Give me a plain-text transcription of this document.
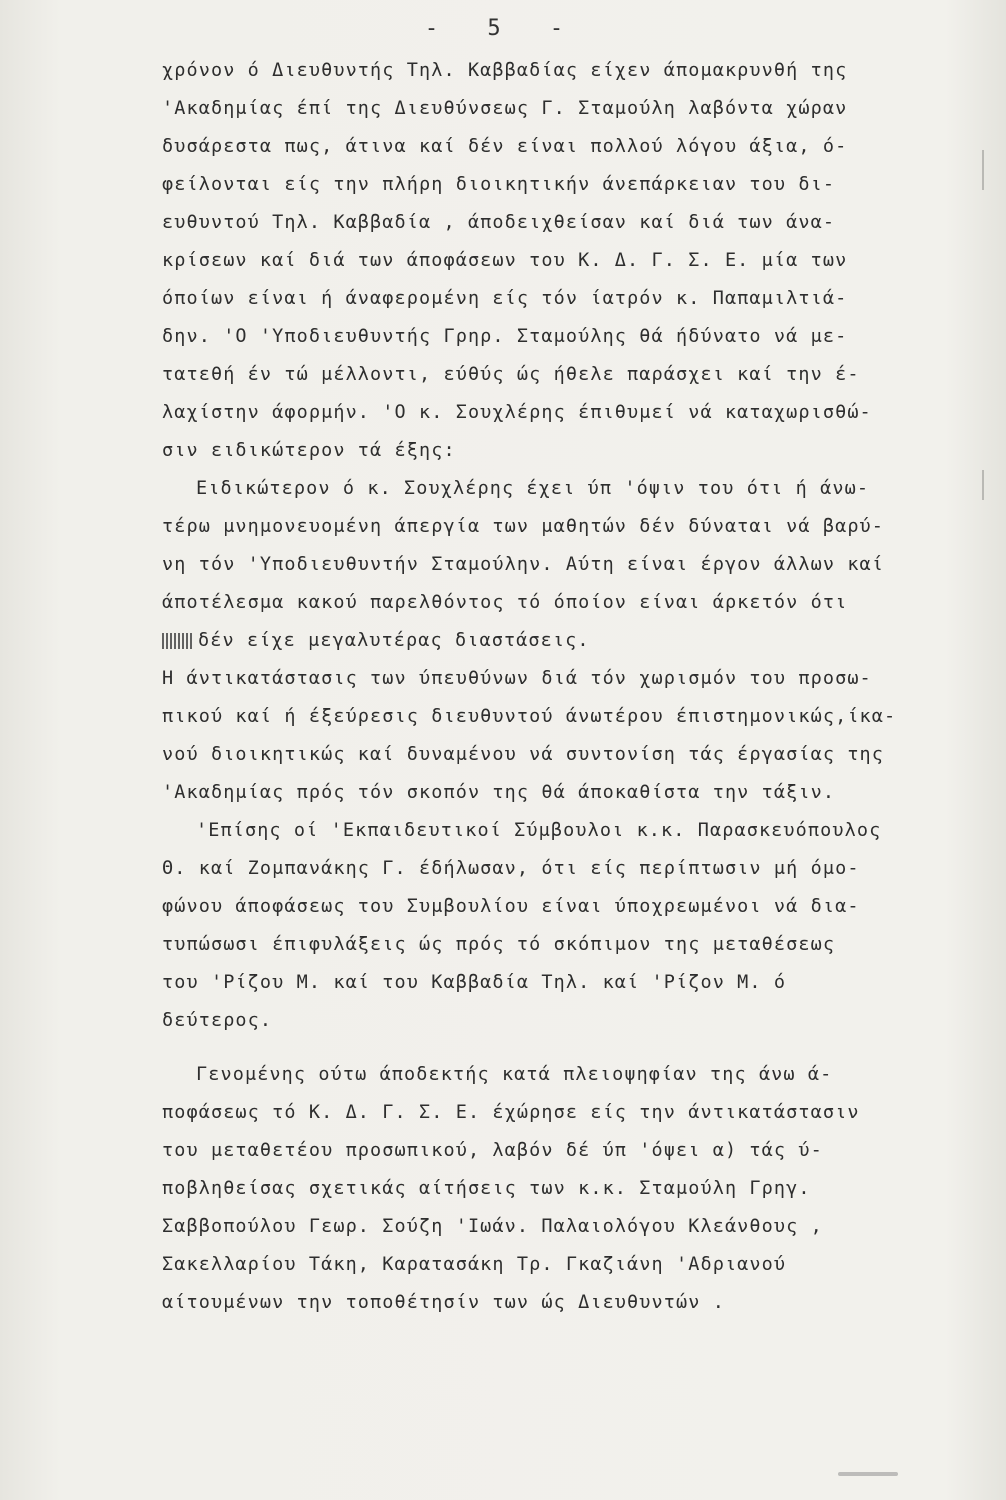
- 5 -
χρόνον ό Διευθυντής Τηλ. Καββαδίας είχεν άπομακρυνθή της
'Ακαδημίας έπί της Διευθύνσεως Γ. Σταμούλη λαβόντα χώραν
δυσάρεστα πως, άτινα καί δέν είναι πολλού λόγου άξια, ό-
φείλονται είς την πλήρη διοικητικήν άνεπάρκειαν του δι-
ευθυντού Τηλ. Καββαδία , άποδειχθείσαν καί διά των άνα-
κρίσεων καί διά των άποφάσεων του Κ. Δ. Γ. Σ. Ε. μία των
όποίων είναι ή άναφερομένη είς τόν ίατρόν κ. Παπαμιλτιά-
δην. 'Ο 'Υποδιευθυντής Γρηρ. Σταμούλης θά ήδύνατο νά με-
τατεθή έν τώ μέλλοντι, εύθύς ώς ήθελε παράσχει καί την έ-
λαχίστην άφορμήν. 'Ο κ. Σουχλέρης έπιθυμεί νά καταχωρισθώ-
σιν ειδικώτερον τά έξης:
Ειδικώτερον ό κ. Σουχλέρης έχει ύπ 'όψιν του ότι ή άνω-
τέρω μνημονευομένη άπεργία των μαθητών δέν δύναται νά βαρύ-
νη τόν 'Υποδιευθυντήν Σταμούλην. Αύτη είναι έργον άλλων καί
άποτέλεσμα κακού παρελθόντος τό όποίον είναι άρκετόν ότι
δέν είχε μεγαλυτέρας διαστάσεις.
Η άντικατάστασις των ύπευθύνων διά τόν χωρισμόν του προσω-
πικού καί ή έξεύρεσις διευθυντού άνωτέρου έπιστημονικώς,ίκα-
νού διοικητικώς καί δυναμένου νά συντονίση τάς έργασίας της
'Ακαδημίας πρός τόν σκοπόν της θά άποκαθίστα την τάξιν.
'Επίσης οί 'Εκπαιδευτικοί Σύμβουλοι κ.κ. Παρασκευόπουλος
Θ. καί Ζομπανάκης Γ. έδήλωσαν, ότι είς περίπτωσιν μή όμο-
φώνου άποφάσεως του Συμβουλίου είναι ύποχρεωμένοι νά δια-
τυπώσωσι έπιφυλάξεις ώς πρός τό σκόπιμον της μεταθέσεως
του 'Ρίζου Μ. καί του Καββαδία Τηλ. καί 'Ρίζον Μ. ό
δεύτερος.
Γενομένης ούτω άποδεκτής κατά πλειοψηφίαν της άνω ά-
ποφάσεως τό Κ. Δ. Γ. Σ. Ε. έχώρησε είς την άντικατάστασιν
του μεταθετέου προσωπικού, λαβόν δέ ύπ 'όψει α) τάς ύ-
ποβληθείσας σχετικάς αίτήσεις των κ.κ. Σταμούλη Γρηγ.
Σαββοπούλου Γεωρ. Σούζη 'Ιωάν. Παλαιολόγου Κλεάνθους ,
Σακελλαρίου Τάκη, Καρατασάκη Τρ. Γκαζιάνη 'Αδριανού
αίτουμένων την τοποθέτησίν των ώς Διευθυντών .
